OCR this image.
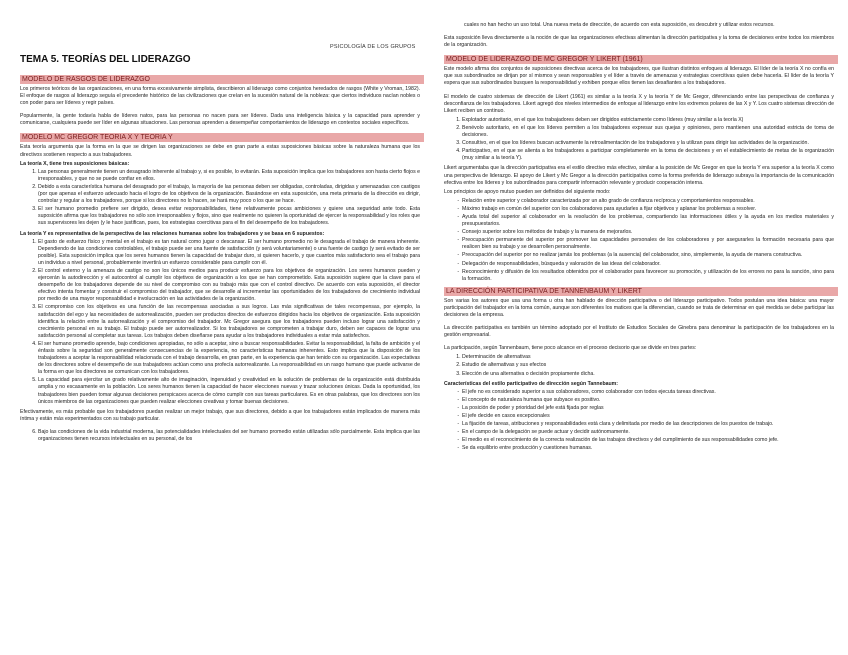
PSICOLOGÍA DE LOS GRUPOS
TEMA 5. TEORÍAS DEL LIDERAZGO
MODELO DE RASGOS DE LIDERAZGO

Los primeros teóricos de las organizaciones, en una forma excesivamente simplista, describieron al liderazgo como conjuntos heredados de rasgos (White y Vroman, 1982). El enfoque de rasgos al liderazgo seguía el precedente histórico de las civilizaciones que creían en la sucesión natural de la nobleza: que ciertos individuos nacían nobles o con poder para ser líderes y regir países.

Popularmente, la gente todavía habla de líderes natos, para las personas no nacen para ser líderes. Dada una inteligencia básica y la capacidad para aprender y comunicarse, cualquiera puede ser líder en algunas situaciones. Las personas aprenden a desempeñar comportamientos de liderazgo en contextos sociales específicos.

MODELO MC GREGOR TEORIA X Y TEORIA Y

Esta teoría argumenta que la forma en la que se dirigen las organizaciones se debe en gran parte a estas suposiciones básicas sobre la naturaleza humana que los directivos sostienen respecto a sus trabajadores.

La teoría X, tiene tres suposiciones básicas:

1. Las personas generalmente tienen un desagrado inherente al trabajo y, si es posible, lo evitarán. Esta suposición implica que los trabajadores son hasta cierto flojos e irresponsables, y que no se puede confiar en ellos.
2. Debido a esta característica humana del desagrado por el trabajo, la mayoría de las personas deben ser obligadas, controladas, dirigidas y amenazadas con castigos (por que apenas el esfuerzo adecuado hacia el logro de los objetivos de la organización. Basándose en esta suposición, una meta primaria de la dirección es dirigir, controlar y regular a los trabajadores, porque si los directores no lo hacen, se hará muy poco o los que se hace.
3. El ser humano promedio prefiere ser dirigido, desea evitar responsabilidades, tiene relativamente pocas ambiciones y quiere una seguridad ante todo. Esta suposición afirma que los trabajadores no sólo son irresponsables y flojos, sino que realmente no quieren la oportunidad de ejercer la responsabilidad y los roles que sus supervisores les dejen (y le hace justifican, pues, los estrategias coercitivas para el fin del desempeño de los trabajadores.

La teoría Y es representativa de la perspectiva de las relaciones humanas sobre los trabajadores y se basa en 6 supuestos:

1. El gasto de esfuerzo físico y mental en el trabajo es tan natural como jugar o descansar. El ser humano promedio no le desagrada el trabajo de manera inherente. Dependiendo de las condiciones controlables, el trabajo puede ser una fuente de satisfacción (y será voluntariamente) o una fuente de castigo (y será evitado de ser posible). Esta suposición implica que los seres humanos tienen la capacidad de trabajar duro, si quieren hacerlo, y que cuantos más satisfactorio sea el trabajo para un individuo a nivel personal, probablemente invertirá un esfuerzo considerable para cumplir con él.
2. El control externo y la amenaza de castigo no son los únicos medios para producir esfuerzo para los objetivos de organización. Los seres humanos pueden y ejercerán la autodirección y el autocontrol al cumplir los objetivos de organización a los que se han comprometido. Esta suposición sugiere que la clave para el desempeño de los trabajadores depende de su nivel de compromiso con su trabajo más que con el control directivo. De acuerdo con esta suposición, el director efectivo intenta fomentar y construir el compromiso del trabajador, que se desarrolle al incrementar las oportunidades de los trabajadores de crecimiento individual por medio de una mayor responsabilidad e involucración en las actividades de la organización.
3. El compromiso con los objetivos es una función de las recompensas asociadas a sus logros. Las más significativas de tales recompensas, por ejemplo, la satisfacción del ego y las necesidades de autorrealización, pueden ser productos directos de esfuerzos dirigidos hacia los objetivos de organización. Esta suposición identifica la relación entre la autorrealización y el compromiso del trabajador. Mc Gregor asegura que los trabajadores pueden incluso lograr una satisfacción y crecimiento personal en su trabajo. El trabajo puede ser autorrealizador. Si los trabajadores se comprometen a trabajar duro, deben ser capaces de lograr una satisfacción personal al completar sus tareas. Los trabajos deben diseñarse para ayudar a los trabajadores individuales a estar más satisfechos.
4. El ser humano promedio aprende, bajo condiciones apropiadas, no sólo a aceptar, sino a buscar responsabilidades. Evitar la responsabilidad, la falta de ambición y el énfasis sobre la seguridad son generalmente consecuencias de la experiencia, no características humanas inherentes. Esto implica que la disposición de los trabajadores a aceptar la responsabilidad relacionada con el trabajo desarrolla, en gran parte, en la experiencia que han tenido con su organización. Las expectativas de los directores sobre el desempeño de sus trabajadores actúan como una profecía autorrealizante. La responsabilidad es un rasgo humano que puede activarse de la forma en que los directores se comunican con los trabajadores.
5. La capacidad para ejercitar un grado relativamente alto de imaginación, ingenuidad y creatividad en la solución de problemas de la organización está distribuida amplia y no escasamente en la población. Los seres humanos tienen la capacidad de hacer elecciones nuevas y trazar soluciones únicas. Dada la oportunidad, los trabajadores bien pueden tomar algunas decisiones perspicaces acerca de cómo cumplir con sus tareas particulares. Es en otras palabras, que los directores son los únicos miembros de las organizaciones que pueden realizar elecciones creativas y tomar buenas decisiones.

Efectivamente, es más probable que los trabajadores puedan realizar un mejor trabajo, que sus directores, debido a que los trabajadores están implicados de manera más íntima y están más experimentados con su trabajo particular.

6. Bajo las condiciones de la vida industrial moderna, las potencialidades intelectuales del ser humano promedio están utilizadas sólo parcialmente. Esta implica que las organizaciones tienen recursos intelectuales en su personal, de los

cuales no han hecho un uso total. Una nueva meta de dirección, de acuerdo con esta suposición, es descubrir y utilizar estos recursos.

Esta suposición lleva directamente a la noción de que las organizaciones efectivas alimentan la dirección participativa y la toma de decisiones entre todos los miembros de la organización.

MODELO DE LIDERAZGO DE MC GREGOR Y LIKERT (1961)

Este modelo afirma dos conjuntos de suposiciones directivas acerca de los trabajadores, que ilustran distintos enfoques al liderazgo. El líder de la teoría X no confía en que sus subordinados se dirijan por sí mismos y sean responsables y el líder a través de amenazas y estrategias coercitivas quien debe hacerla. El líder de la teoría Y espera que sus subordinados busquen la responsabilidad y exhiben porque ellos tienen las desafiantes a los trabajadores.

El modelo de cuatro sistemas de dirección de Likert (1961) es similar a la teoría X y la teoría Y de Mc Gregor, diferenciando entre las perspectivas de confianza y desconfianza de los trabajadores. Likert agregó dos niveles intermedios de enfoque al liderazgo entre los extremos polares de las X y Y. Los cuatro sistemas dirección de Likert reciben un continuo.

1. Explotador autoritario, en el que los trabajadores deben ser dirigidos estrictamente como líderes (muy similar a la teoría X)
2. Benévolo autoritario, en el que los líderes permiten a los trabajadores expresar sus quejas y opiniones, pero mantienen una autoridad estricta de toma de decisiones.
3. Consultivo, en el que los líderes buscan activamente la retroalimentación de los trabajadores y la utilizan para dirigir las actividades de la organización.
4. Participativo, en el que se alienta a los trabajadores a participar completamente en la toma de decisiones y en el establecimiento de metas de la organización (muy similar a la teoría Y).

Likert argumentaba que la dirección participativa era el estilo directivo más efectivo, similar a la posición de Mc Gregor en que la teoría Y era superior a la teoría X como una perspectiva de liderazgo. El apoyo de Likert y Mc Gregor a la dirección participativa como la forma preferida de liderazgo subraya la importancia de la comunicación efectiva entre los líderes y los subordinados para compartir información relevante y producir cooperación interna.

Los principios de apoyo mutuo pueden ser definidos del siguiente modo:

- Relación entre superior y colaborador caracterizada por un alto grado de confianza recíproca y comportamientos responsables.
- Máximo trabajo en común del superior con los colaboradores para ayudarles a fijar objetivos y aplanar los problemas a resolver.
- Ayuda total del superior al colaborador en la resolución de los problemas, compartiendo las informaciones útiles y la ayuda en los medios materiales y presupuestarios.
- Consejo superior sobre los métodos de trabajo y la manera de mejorarlos.
- Preocupación permanente del superior por promover las capacidades personales de los colaboradores y por asegurarles la formación necesaria para que realicen bien su trabajo y se desarrollen personalmente.
- Preocupación del superior por no realizar jamás los problemas (a la ausencia) del colaborador, sino, simplemente, la ayuda de manera constructiva.
- Delegación de responsabilidades, búsqueda y valoración de las ideas del colaborador.
- Reconocimiento y difusión de los resultados obtenidos por el colaborador para favorecer su promoción, y utilización de los errores no para la sanción, sino para la formación.
LA DIRECCIÓN PARTICIPATIVA DE TANNENBAUM Y LIKERT

Son varias los autores que usa una forma u otra han hablado de dirección participativa o del liderazgo participativo. Todos postulan una idea básica: una mayor participación del trabajador en la toma común, aunque son diferentes los matices que la diferencian, cuando se trata de determinar en qué medida se debe participar las decisiones de la empresa.

La dirección participativa es también un término adoptado por el Instituto de Estudios Sociales de Ginebra para denominar la participación de los trabajadores en la gestión empresarial.

La participación, según Tannenbaum, tiene poco alcance en el proceso decisorio que se divide en tres partes:

1. Determinación de alternativas
2. Estudio de alternativas y sus efectos
3. Elección de una alternativa o decisión propiamente dicha.

Características del estilo participativo de dirección según Tannebaum:

- El jefe no es considerado superior a sus colaboradores, como colaborador con todos ejecuta tareas directivas.
- El concepto de naturaleza humana que subyace es positivo.
- La posición de poder y prioridad del jefe está fijada por reglas
- El jefe decide en casos excepcionales
- La fijación de tareas, atribuciones y responsabilidades está clara y delimitada por medio de las descripciones de los puestos de trabajo.
- En el campo de la delegación se puede actuar y decidir autónomamente.
- El medio es el reconocimiento de la correcta realización de las trabajos directivos y del cumplimiento de sus responsabilidades como jefe.
- Se da equilibrio entre producción y cuestiones humanas.
